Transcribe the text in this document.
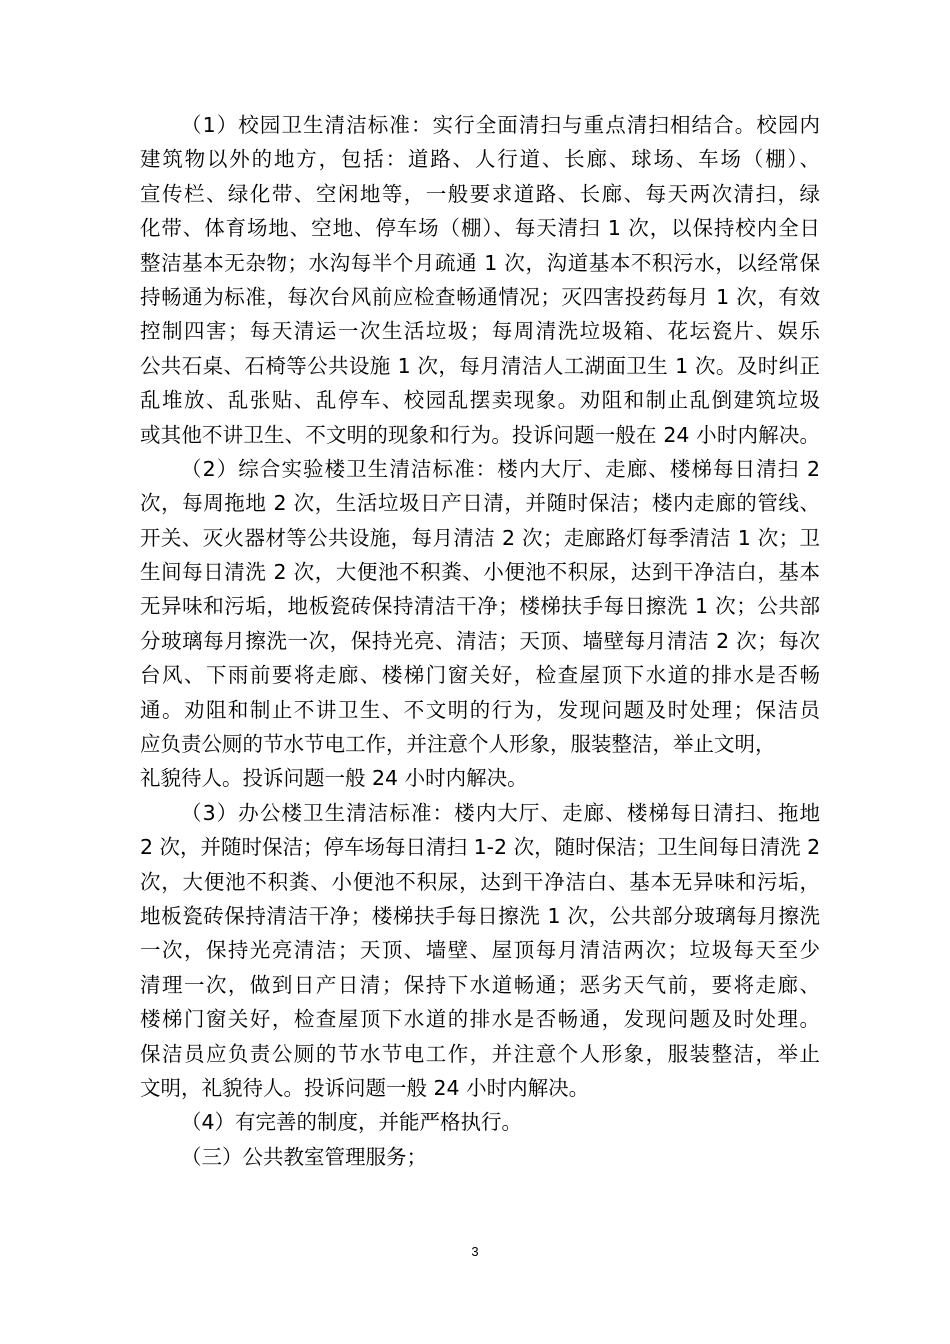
（1）校园卫生清洁标准：实行全面清扫与重点清扫相结合。校园内
建筑物以外的地方，包括：道路、人行道、长廊、球场、车场（棚）、
宣传栏、绿化带、空闲地等，一般要求道路、长廊、每天两次清扫，绿
化带、体育场地、空地、停车场（棚）、每天清扫 1 次，以保持校内全日
整洁基本无杂物；水沟每半个月疏通 1 次，沟道基本不积污水，以经常保
持畅通为标准，每次台风前应检查畅通情况；灭四害投药每月 1 次，有效
控制四害；每天清运一次生活垃圾；每周清洗垃圾箱、花坛瓷片、娱乐
公共石桌、石椅等公共设施 1 次，每月清洁人工湖面卫生 1 次。及时纠正
乱堆放、乱张贴、乱停车、校园乱摆卖现象。劝阻和制止乱倒建筑垃圾
或其他不讲卫生、不文明的现象和行为。投诉问题一般在 24 小时内解决。
（2）综合实验楼卫生清洁标准：楼内大厅、走廊、楼梯每日清扫 2
次，每周拖地 2 次，生活垃圾日产日清，并随时保洁；楼内走廊的管线、
开关、灭火器材等公共设施，每月清洁 2 次；走廊路灯每季清洁 1 次；卫
生间每日清洗 2 次，大便池不积粪、小便池不积尿，达到干净洁白，基本
无异味和污垢，地板瓷砖保持清洁干净；楼梯扶手每日擦洗 1 次；公共部
分玻璃每月擦洗一次，保持光亮、清洁；天顶、墙壁每月清洁 2 次；每次
台风、下雨前要将走廊、楼梯门窗关好，检查屋顶下水道的排水是否畅
通。劝阻和制止不讲卫生、不文明的行为，发现问题及时处理；保洁员
应负责公厕的节水节电工作，并注意个人形象，服装整洁，举止文明，
礼貌待人。投诉问题一般 24 小时内解决。
（3）办公楼卫生清洁标准：楼内大厅、走廊、楼梯每日清扫、拖地
2 次，并随时保洁；停车场每日清扫 1-2 次，随时保洁；卫生间每日清洗 2
次，大便池不积粪、小便池不积尿，达到干净洁白、基本无异味和污垢，
地板瓷砖保持清洁干净；楼梯扶手每日擦洗 1 次，公共部分玻璃每月擦洗
一次，保持光亮清洁；天顶、墙壁、屋顶每月清洁两次；垃圾每天至少
清理一次，做到日产日清；保持下水道畅通；恶劣天气前，要将走廊、
楼梯门窗关好，检查屋顶下水道的排水是否畅通，发现问题及时处理。
保洁员应负责公厕的节水节电工作，并注意个人形象，服装整洁，举止
文明，礼貌待人。投诉问题一般 24 小时内解决。
（4）有完善的制度，并能严格执行。
（三）公共教室管理服务；
3
